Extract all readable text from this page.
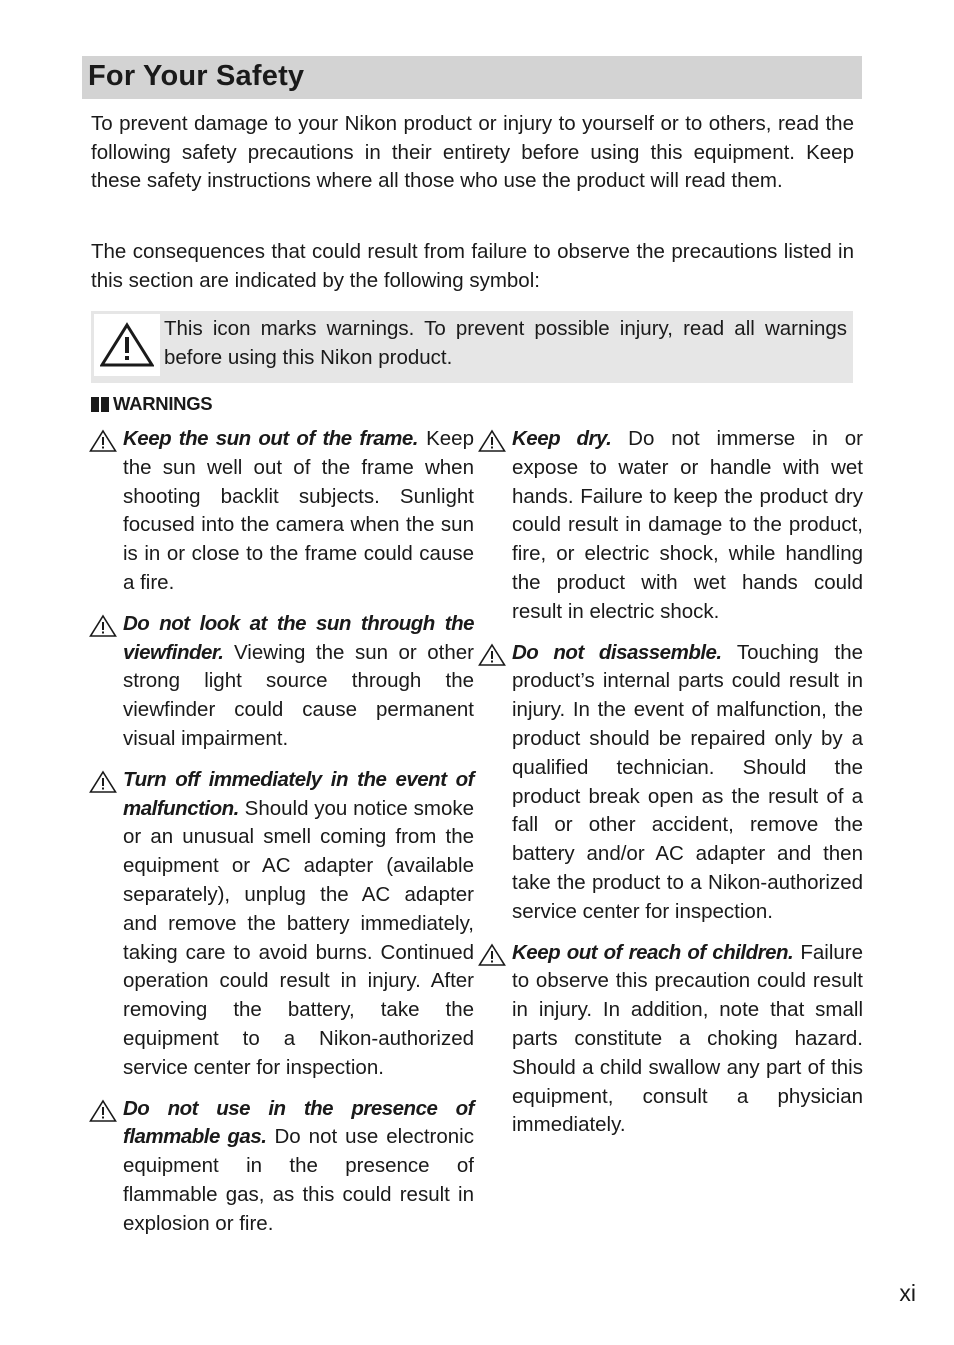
For Your Safety

To prevent damage to your Nikon product or injury to yourself or to others, read the following safety precautions in their entirety before using this equipment. Keep these safety instructions where all those who use the product will read them.

The consequences that could result from failure to observe the precautions listed in this section are indicated by the following symbol:

This icon marks warnings. To prevent possible injury, read all warnings before using this Nikon product.

WARNINGS

Keep the sun out of the frame. Keep the sun well out of the frame when shooting backlit subjects. Sunlight focused into the camera when the sun is in or close to the frame could cause a fire.

Do not look at the sun through the viewfinder. Viewing the sun or other strong light source through the viewfinder could cause permanent visual impairment.

Turn off immediately in the event of malfunction. Should you notice smoke or an unusual smell coming from the equipment or AC adapter (available separately), unplug the AC adapter and remove the battery immediately, taking care to avoid burns. Continued operation could result in injury. After removing the battery, take the equipment to a Nikon-authorized service center for inspection.

Do not use in the presence of flammable gas. Do not use electronic equipment in the presence of flammable gas, as this could result in explosion or fire.

Keep dry. Do not immerse in or expose to water or handle with wet hands. Failure to keep the product dry could result in damage to the product, fire, or electric shock, while handling the product with wet hands could result in electric shock.

Do not disassemble. Touching the product’s internal parts could result in injury. In the event of malfunction, the product should be repaired only by a qualified technician. Should the product break open as the result of a fall or other accident, remove the battery and/or AC adapter and then take the product to a Nikon-authorized service center for inspection.

Keep out of reach of children. Failure to observe this precaution could result in injury. In addition, note that small parts constitute a choking hazard. Should a child swallow any part of this equipment, consult a physician immediately.

xi
